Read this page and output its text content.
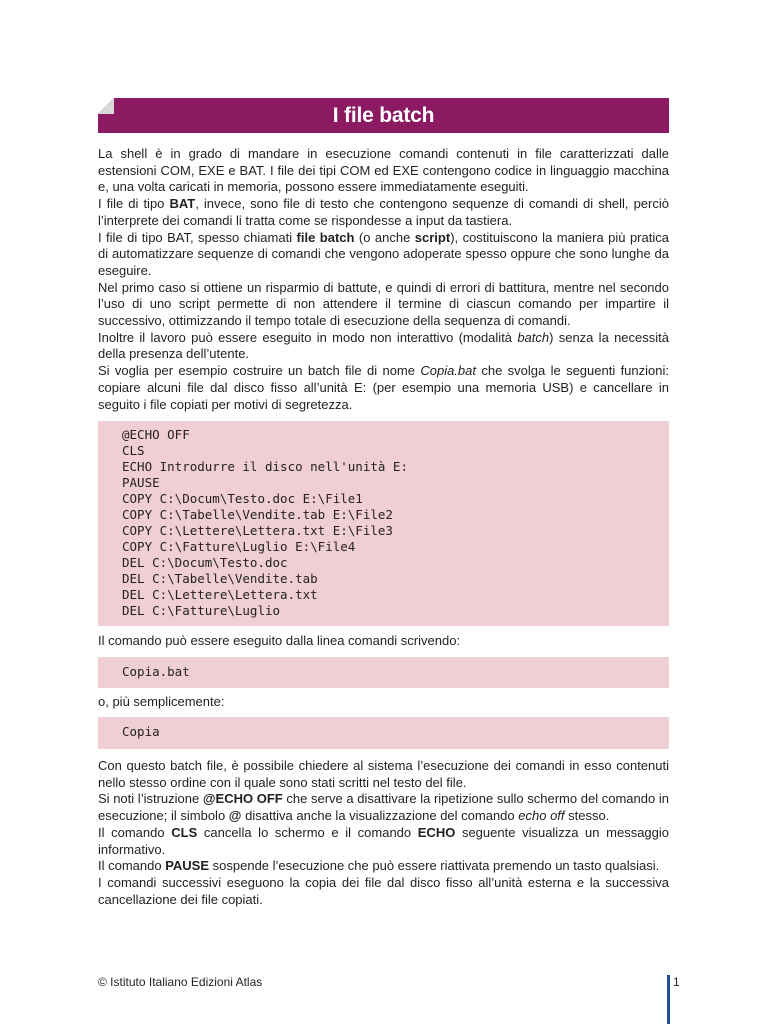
I file batch

La shell è in grado di mandare in esecuzione comandi contenuti in file caratterizzati dalle estensioni COM, EXE e BAT. I file dei tipi COM ed EXE contengono codice in linguaggio macchina e, una volta caricati in memoria, possono essere immediatamente eseguiti.

I file di tipo BAT, invece, sono file di testo che contengono sequenze di comandi di shell, perciò l’interprete dei comandi li tratta come se rispondesse a input da tastiera.

I file di tipo BAT, spesso chiamati file batch (o anche script), costituiscono la maniera più pratica di automatizzare sequenze di comandi che vengono adoperate spesso oppure che sono lunghe da eseguire.

Nel primo caso si ottiene un risparmio di battute, e quindi di errori di battitura, mentre nel secondo l’uso di uno script permette di non attendere il termine di ciascun comando per impartire il successivo, ottimizzando il tempo totale di esecuzione della sequenza di comandi.

Inoltre il lavoro può essere eseguito in modo non interattivo (modalità batch) senza la necessità della presenza dell’utente.

Si voglia per esempio costruire un batch file di nome Copia.bat che svolga le seguenti funzioni: copiare alcuni file dal disco fisso all’unità E: (per esempio una memoria USB) e cancellare in seguito i file copiati per motivi di segretezza.

@ECHO OFF
CLS
ECHO Introdurre il disco nell'unità E:
PAUSE
COPY C:\Docum\Testo.doc E:\File1
COPY C:\Tabelle\Vendite.tab E:\File2
COPY C:\Lettere\Lettera.txt E:\File3
COPY C:\Fatture\Luglio E:\File4
DEL C:\Docum\Testo.doc
DEL C:\Tabelle\Vendite.tab
DEL C:\Lettere\Lettera.txt
DEL C:\Fatture\Luglio

Il comando può essere eseguito dalla linea comandi scrivendo:

Copia.bat

o, più semplicemente:

Copia

Con questo batch file, è possibile chiedere al sistema l’esecuzione dei comandi in esso contenuti nello stesso ordine con il quale sono stati scritti nel testo del file.

Si noti l’istruzione @ECHO OFF che serve a disattivare la ripetizione sullo schermo del comando in esecuzione; il simbolo @ disattiva anche la visualizzazione del comando echo off stesso.

Il comando CLS cancella lo schermo e il comando ECHO seguente visualizza un messaggio informativo.

Il comando PAUSE sospende l’esecuzione che può essere riattivata premendo un tasto qualsiasi.

I comandi successivi eseguono la copia dei file dal disco fisso all’unità esterna e la successiva cancellazione dei file copiati.

© Istituto Italiano Edizioni Atlas	1
